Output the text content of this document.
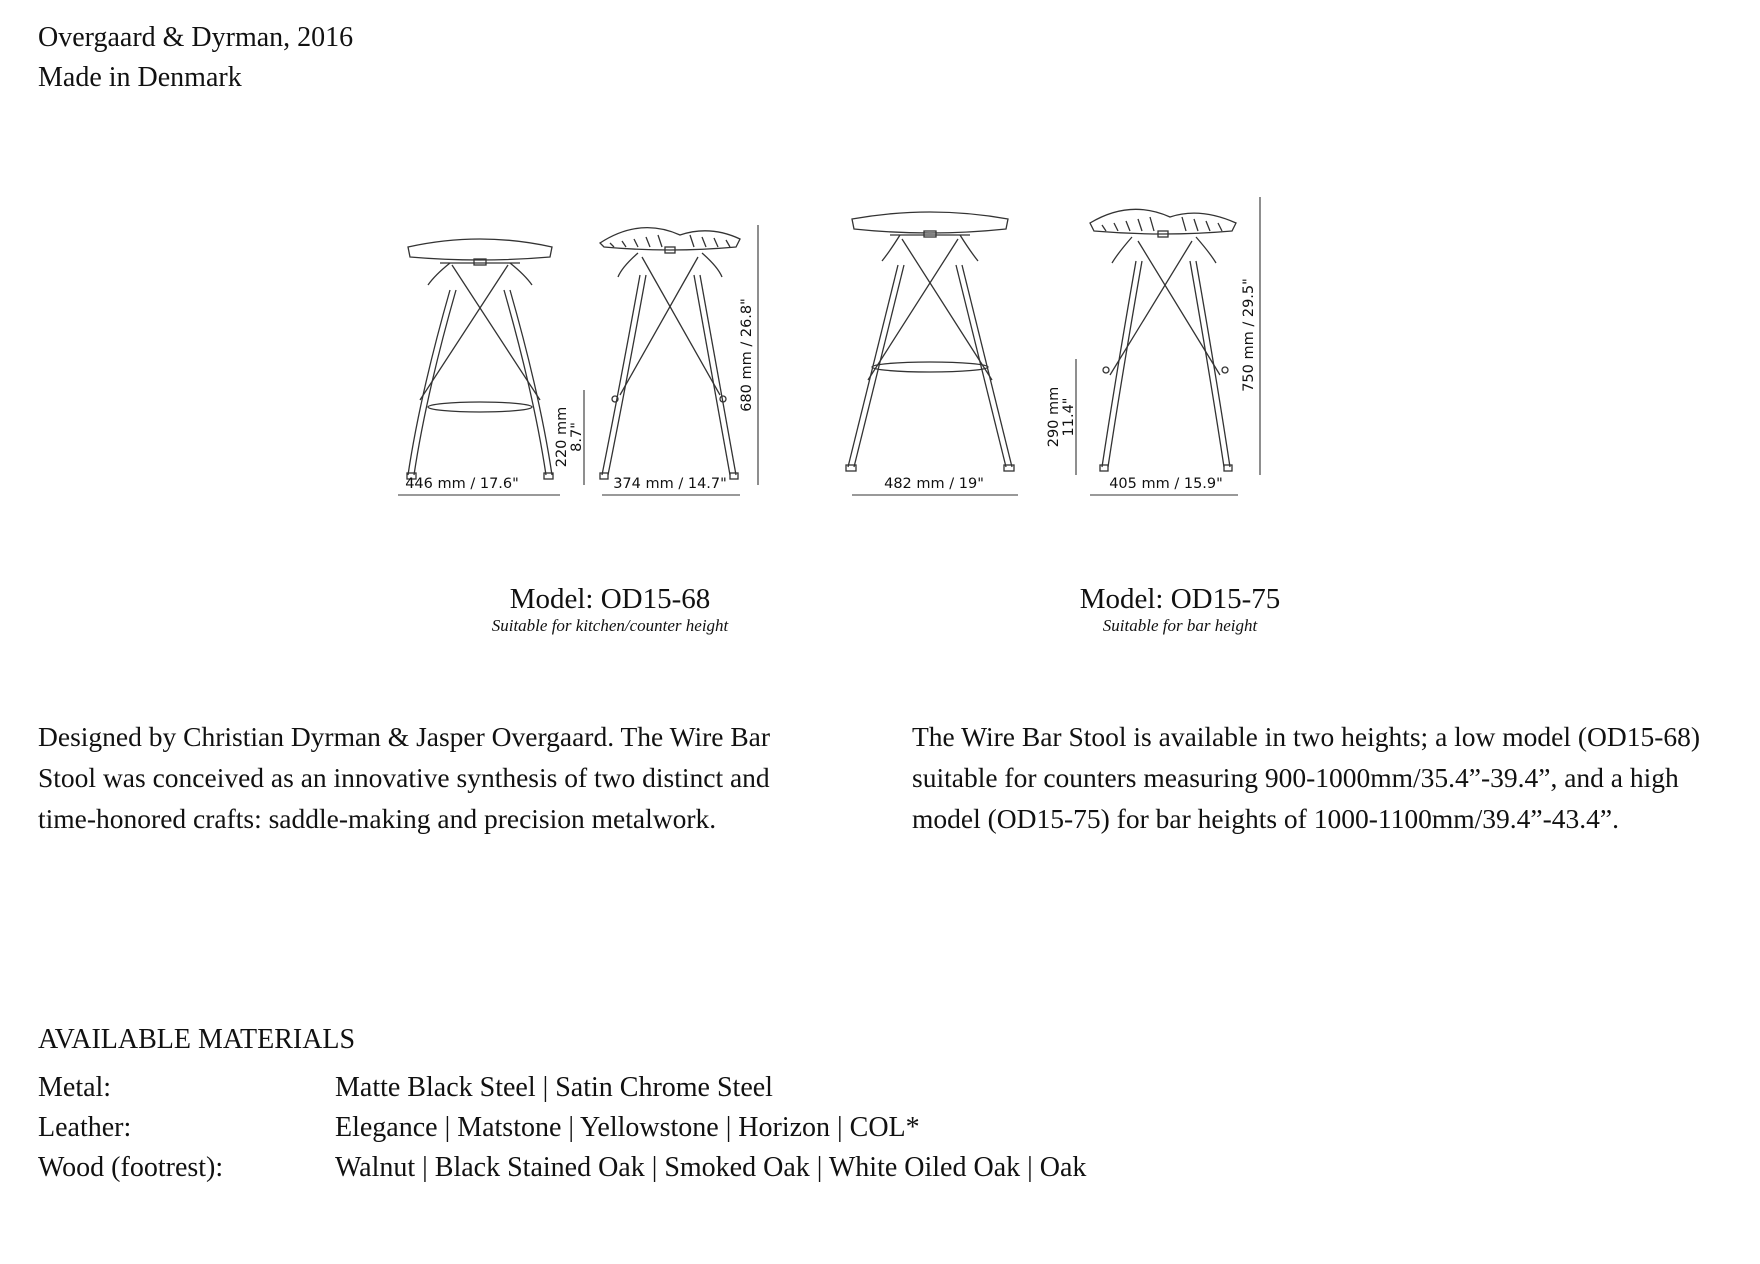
Overgaard & Dyrman, 2016
Made in Denmark
446 mm / 17.6"	374 mm / 14.7"	482 mm / 19"	405 mm / 15.9"
220 mm 8.7"
680 mm / 26.8"
290 mm 11.4"
750 mm / 29.5"
Model: OD15-68
Suitable for kitchen/counter height
Model: OD15-75
Suitable for bar height
Designed by Christian Dyrman & Jasper Overgaard. The Wire Bar Stool was conceived as an innovative synthesis of two distinct and time-honored crafts: saddle-making and precision metalwork.
The Wire Bar Stool is available in two heights; a low model (OD15-68) suitable for counters measuring 900-1000mm/35.4”-39.4”, and a high model (OD15-75) for bar heights of 1000-1100mm/39.4”-43.4”.
AVAILABLE MATERIALS
Metal:	Matte Black Steel | Satin Chrome Steel
Leather:	Elegance | Matstone | Yellowstone | Horizon | COL*
Wood (footrest):	Walnut | Black Stained Oak | Smoked Oak | White Oiled Oak | Oak
